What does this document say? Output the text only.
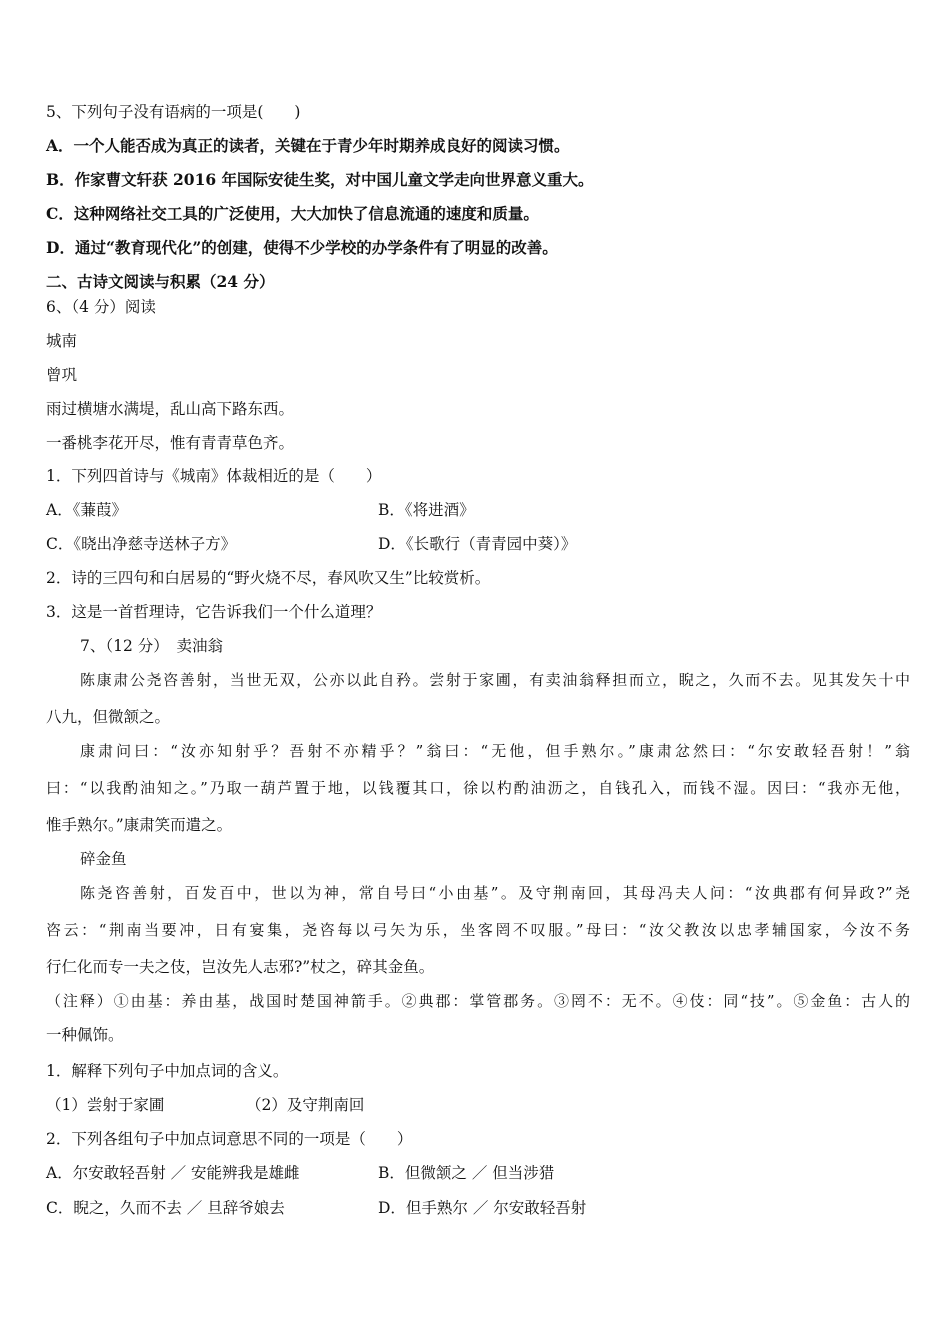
5、下列句子没有语病的一项是(　　)
A．一个人能否成为真正的读者，关键在于青少年时期养成良好的阅读习惯。
B．作家曹文轩获 2016 年国际安徒生奖，对中国儿童文学走向世界意义重大。
C．这种网络社交工具的广泛使用，大大加快了信息流通的速度和质量。
D．通过“教育现代化”的创建，使得不少学校的办学条件有了明显的改善。
二、古诗文阅读与积累（24 分）
6、（4 分）阅读
城南
曾巩
雨过横塘水满堤，乱山高下路东西。
一番桃李花开尽，惟有青青草色齐。
1．下列四首诗与《城南》体裁相近的是（　　）
A．《蒹葭》	B．《将进酒》
C．《晓出净慈寺送林子方》	D．《长歌行（青青园中葵）》
2．诗的三四句和白居易的“野火烧不尽，春风吹又生”比较赏析。
3．这是一首哲理诗，它告诉我们一个什么道理？
7、（12 分）　卖油翁
陈康肃公尧咨善射，当世无双，公亦以此自矜。尝射于家圃，有卖油翁释担而立，睨之，久而不去。见其发矢十中
八九，但微颔之。
康肃问曰：“汝亦知射乎？吾射不亦精乎？”翁曰：“无他，但手熟尔。”康肃忿然曰：“尔安敢轻吾射！”翁
曰：“以我酌油知之。”乃取一葫芦置于地，以钱覆其口，徐以杓酌油沥之，自钱孔入，而钱不湿。因曰：“我亦无他，
惟手熟尔。”康肃笑而遣之。
碎金鱼
陈尧咨善射，百发百中，世以为神，常自号曰“小由基”。及守荆南回，其母冯夫人问：“汝典郡有何异政?”尧
咨云：“荆南当要冲，日有宴集，尧咨每以弓矢为乐，坐客罔不叹服。”母曰：“汝父教汝以忠孝辅国家，今汝不务
行仁化而专一夫之伎，岂汝先人志邪?”杖之，碎其金鱼。
（注释）①由基：养由基，战国时楚国神箭手。②典郡：掌管郡务。③罔不：无不。④伎：同“技”。⑤金鱼：古人的
一种佩饰。
1．解释下列句子中加点词的含义。
（1）尝射于家圃	（2）及守荆南回
2．下列各组句子中加点词意思不同的一项是（　　）
A．尔安敢轻吾射 ／ 安能辨我是雄雌	B．但微颔之 ／ 但当涉猎
C．睨之，久而不去 ／ 旦辞爷娘去	D．但手熟尔 ／ 尔安敢轻吾射
